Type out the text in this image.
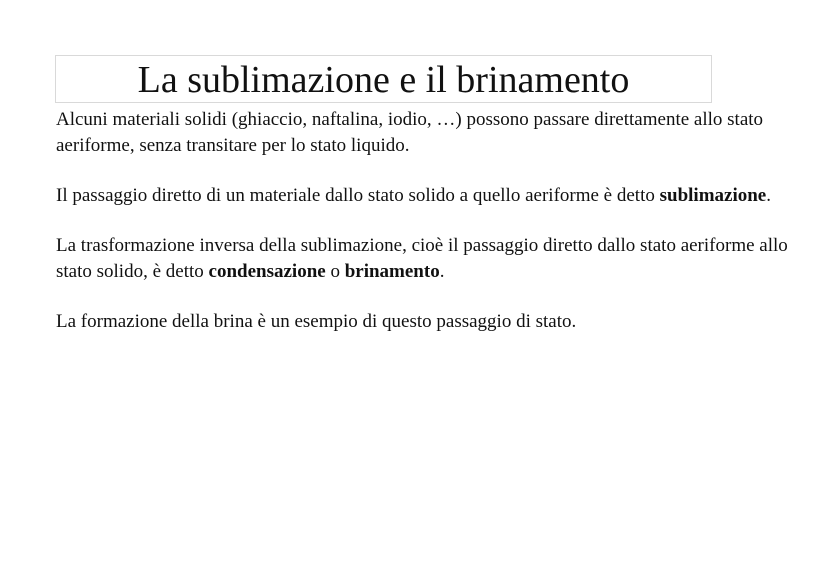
La sublimazione e il brinamento

Alcuni materiali solidi (ghiaccio, naftalina, iodio, …) possono passare direttamente allo stato aeriforme, senza transitare per lo stato liquido.

Il passaggio diretto di un materiale dallo stato solido a quello aeriforme è detto sublimazione.

La trasformazione inversa della sublimazione, cioè il passaggio diretto dallo stato aeriforme allo stato solido, è detto condensazione o brinamento.

La formazione della brina è un esempio di questo passaggio di stato.
